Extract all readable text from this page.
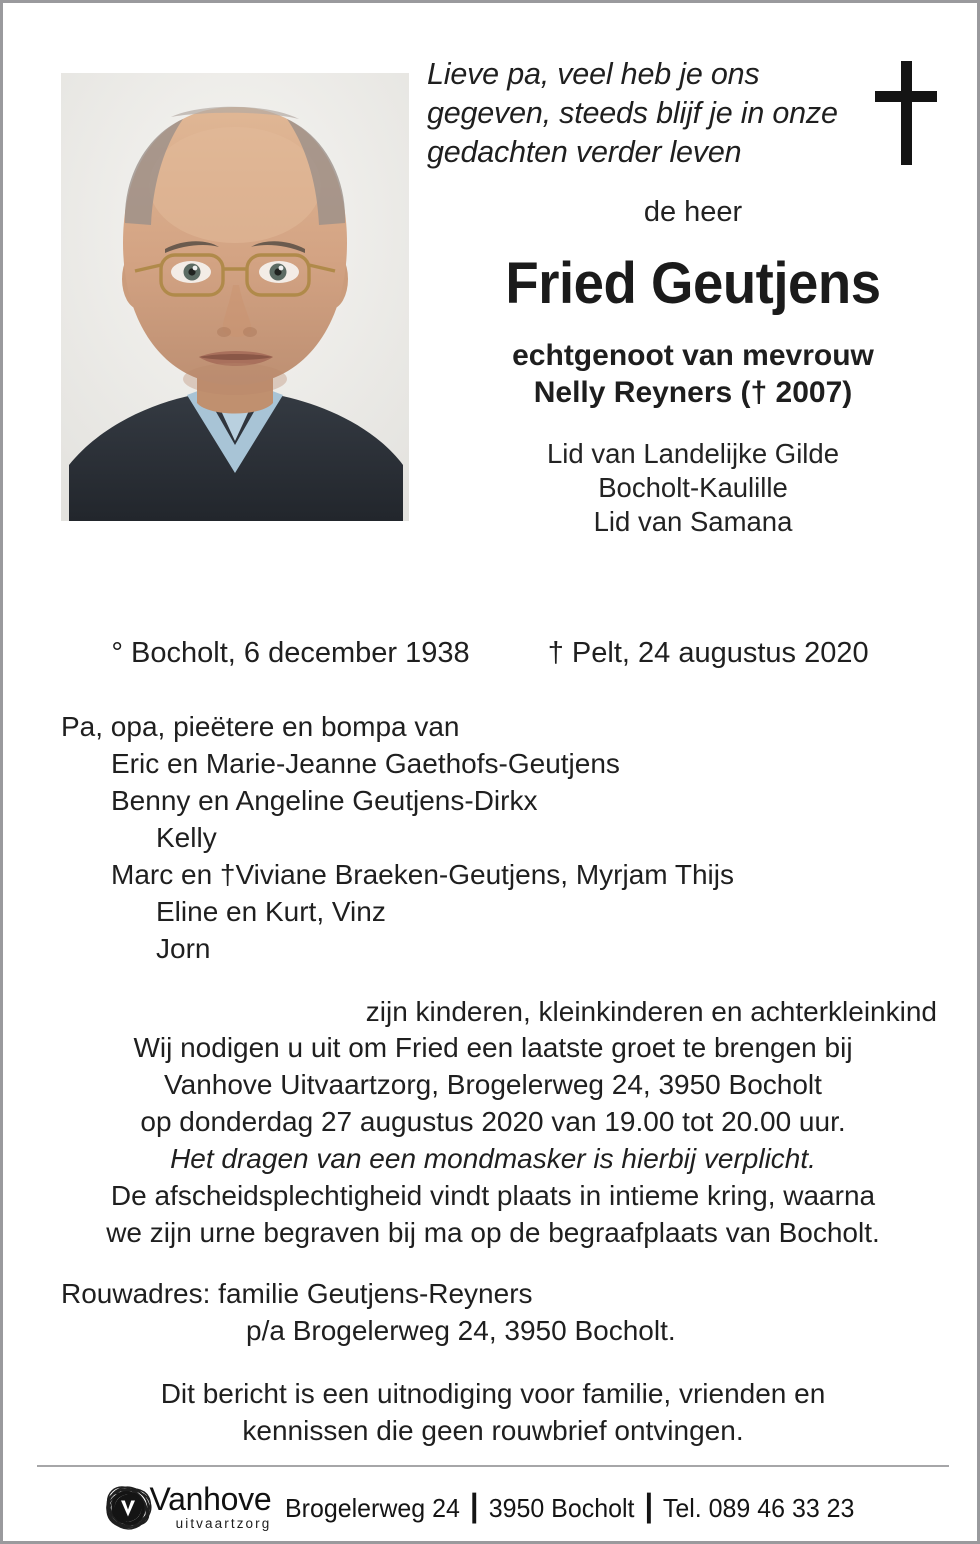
Lieve pa, veel heb je ons gegeven, steeds blijf je in onze gedachten verder leven
de heer
Fried Geutjens
echtgenoot van mevrouw
Nelly Reyners († 2007)
Lid van Landelijke Gilde
Bocholt-Kaulille
Lid van Samana
° Bocholt, 6 december 1938	† Pelt, 24 augustus 2020
Pa, opa, pieëtere en bompa van
Eric en Marie-Jeanne Gaethofs-Geutjens
Benny en Angeline Geutjens-Dirkx
Kelly
Marc en †Viviane Braeken-Geutjens, Myrjam Thijs
Eline en Kurt, Vinz
Jorn
zijn kinderen, kleinkinderen en achterkleinkind
Wij nodigen u uit om Fried een laatste groet te brengen bij
Vanhove Uitvaartzorg, Brogelerweg 24, 3950 Bocholt
op donderdag 27 augustus 2020 van 19.00 tot 20.00 uur.
Het dragen van een mondmasker is hierbij verplicht.
De afscheidsplechtigheid vindt plaats in intieme kring, waarna
we zijn urne begraven bij ma op de begraafplaats van Bocholt.
Rouwadres: familie Geutjens-Reyners
p/a Brogelerweg 24, 3950 Bocholt.
Dit bericht is een uitnodiging voor familie, vrienden en
kennissen die geen rouwbrief ontvingen.
Vanhove
uitvaartzorg
Brogelerweg 24 ┃ 3950 Bocholt ┃ Tel. 089 46 33 23
